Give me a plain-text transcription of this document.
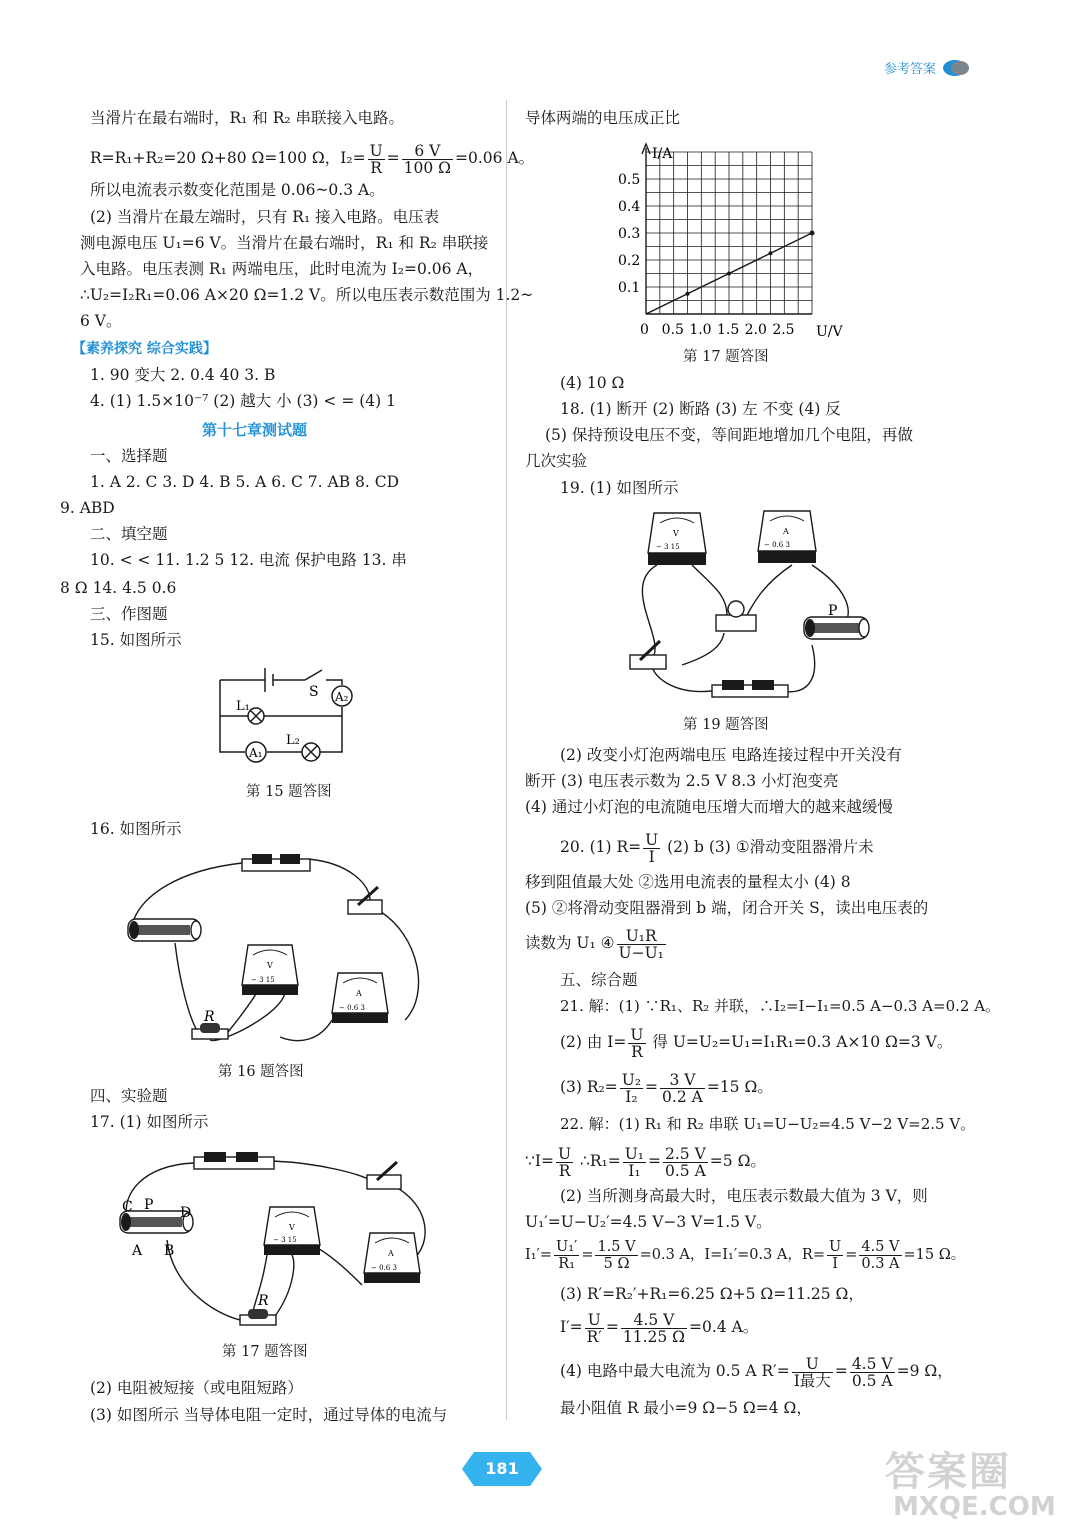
参考答案
当滑片在最右端时，R₁ 和 R₂ 串联接入电路。
R=R₁+R₂=20 Ω+80 Ω=100 Ω，$I_2= \frac{U}{R} = \frac{6 V}{100 \Omega} =0.06$ A。
所以电流表示数变化范围是 0.06~0.3 A。
(2) 当滑片在最左端时，只有 R₁ 接入电路。电压表
测电源电压 U₁=6 V。当滑片在最右端时，R₁ 和 R₂ 串联接
入电路。电压表测 R₁ 两端电压，此时电流为 I₂=0.06 A，
∴U₂=I₂R₁=0.06 A×20 Ω=1.2 V。所以电压表示数范围为 1.2~
6 V。
【素养探究 综合实践】
1. 90 变大 2. 0.4 40 3. B
4. (1) 1.5×10⁻⁷ (2) 越大 小 (3) < = (4) 1
第十七章测试题
一、选择题
1. A 2. C 3. D 4. B 5. A 6. C 7. AB 8. CD
9. ABD
二、填空题
10. < < 11. 1.2 5 12. 电流 保护电路 13. 串
8 Ω 14. 4.5 0.6
三、作图题
15. 如图所示
S A₂
L₁
A₁
L₂
第 15 题答图
16. 如图所示
V
− 3 15
A
− 0.6 3
R
第 16 题答图
四、实验题
17. (1) 如图所示
C P D
A B
V
− 3 15
A
− 0.6 3
R
第 17 题答图
(2) 电阻被短接（或电阻短路）
(3) 如图所示 当导体电阻一定时，通过导体的电流与
导体两端的电压成正比
0.5 1.0 1.5 2.0 2.5
0.1
0.2
0.3
0.4
0.5
I/A
U/V
0
第 17 题答图
(4) 10 Ω
18. (1) 断开 (2) 断路 (3) 左 不变 (4) 反
(5) 保持预设电压不变，等间距地增加几个电阻，再做
几次实验
19. (1) 如图所示
V
− 3 15
A
− 0.6 3
P
第 19 题答图
(2) 改变小灯泡两端电压 电路连接过程中开关没有
断开 (3) 电压表示数为 2.5 V 8.3 小灯泡变亮
(4) 通过小灯泡的电流随电压增大而增大的越来越缓慢
20. (1) $R= \frac{U}{I} (2)$ b (3) ①滑动变阻器滑片未
移到阻值最大处 ②选用电流表的量程太小 (4) 8
(5) ②将滑动变阻器滑到 b 端，闭合开关 S，读出电压表的
读数为 U₁ ④ $\frac{\text{U₁R}}{\text{U−U₁}}$
五、综合题
21. 解：(1) ∵R₁、R₂ 并联，∴I₂=I−I₁=0.5 A−0.3 A=0.2 A。
(2) 由 $I= \frac{U}{R}$ 得 U=U₂=U₁=I₁R₁=0.3 A×10 Ω=3 V。
(3) $R_2= \frac{\text{U₂}}{\text{I₂}} = \frac{3 V}{0.2 A} =15$ Ω。
22. 解：(1) R₁ 和 R₂ 串联 U₁=U−U₂=4.5 V−2 V=2.5 V。
∵I= $\frac{U}{R}$ ∴R₁= $\frac{\text{U₁}}{\text{I₁}} = \frac{2.5 V}{0.5 A} =5$ Ω。
(2) 当所测身高最大时，电压表示数最大值为 3 V，则
U₁′=U−U₂′=4.5 V−3 V=1.5 V。
$I_1'= \frac{\text{U₁′}}{\text{R₁}} = \frac{1.5 V}{5 \Omega} =0.3$ A，I=I₁′=0.3 A，$R= \frac{U}{I} = \frac{4.5 V}{0.3 A} =15$ Ω。
(3) R′=R₂′+R₁=6.25 Ω+5 Ω=11.25 Ω，
$I'= \frac{U}{R'} = \frac{4.5 V}{11.25 \Omega} =0.4$ A。
(4) 电路中最大电流为 0.5 A $R'= \frac{U}{\text{I最大}} = \frac{4.5 V}{0.5 A} =9$ Ω，
最小阻值 R 最小=9 Ω−5 Ω=4 Ω，
181	答案圈
MXQE.COM
